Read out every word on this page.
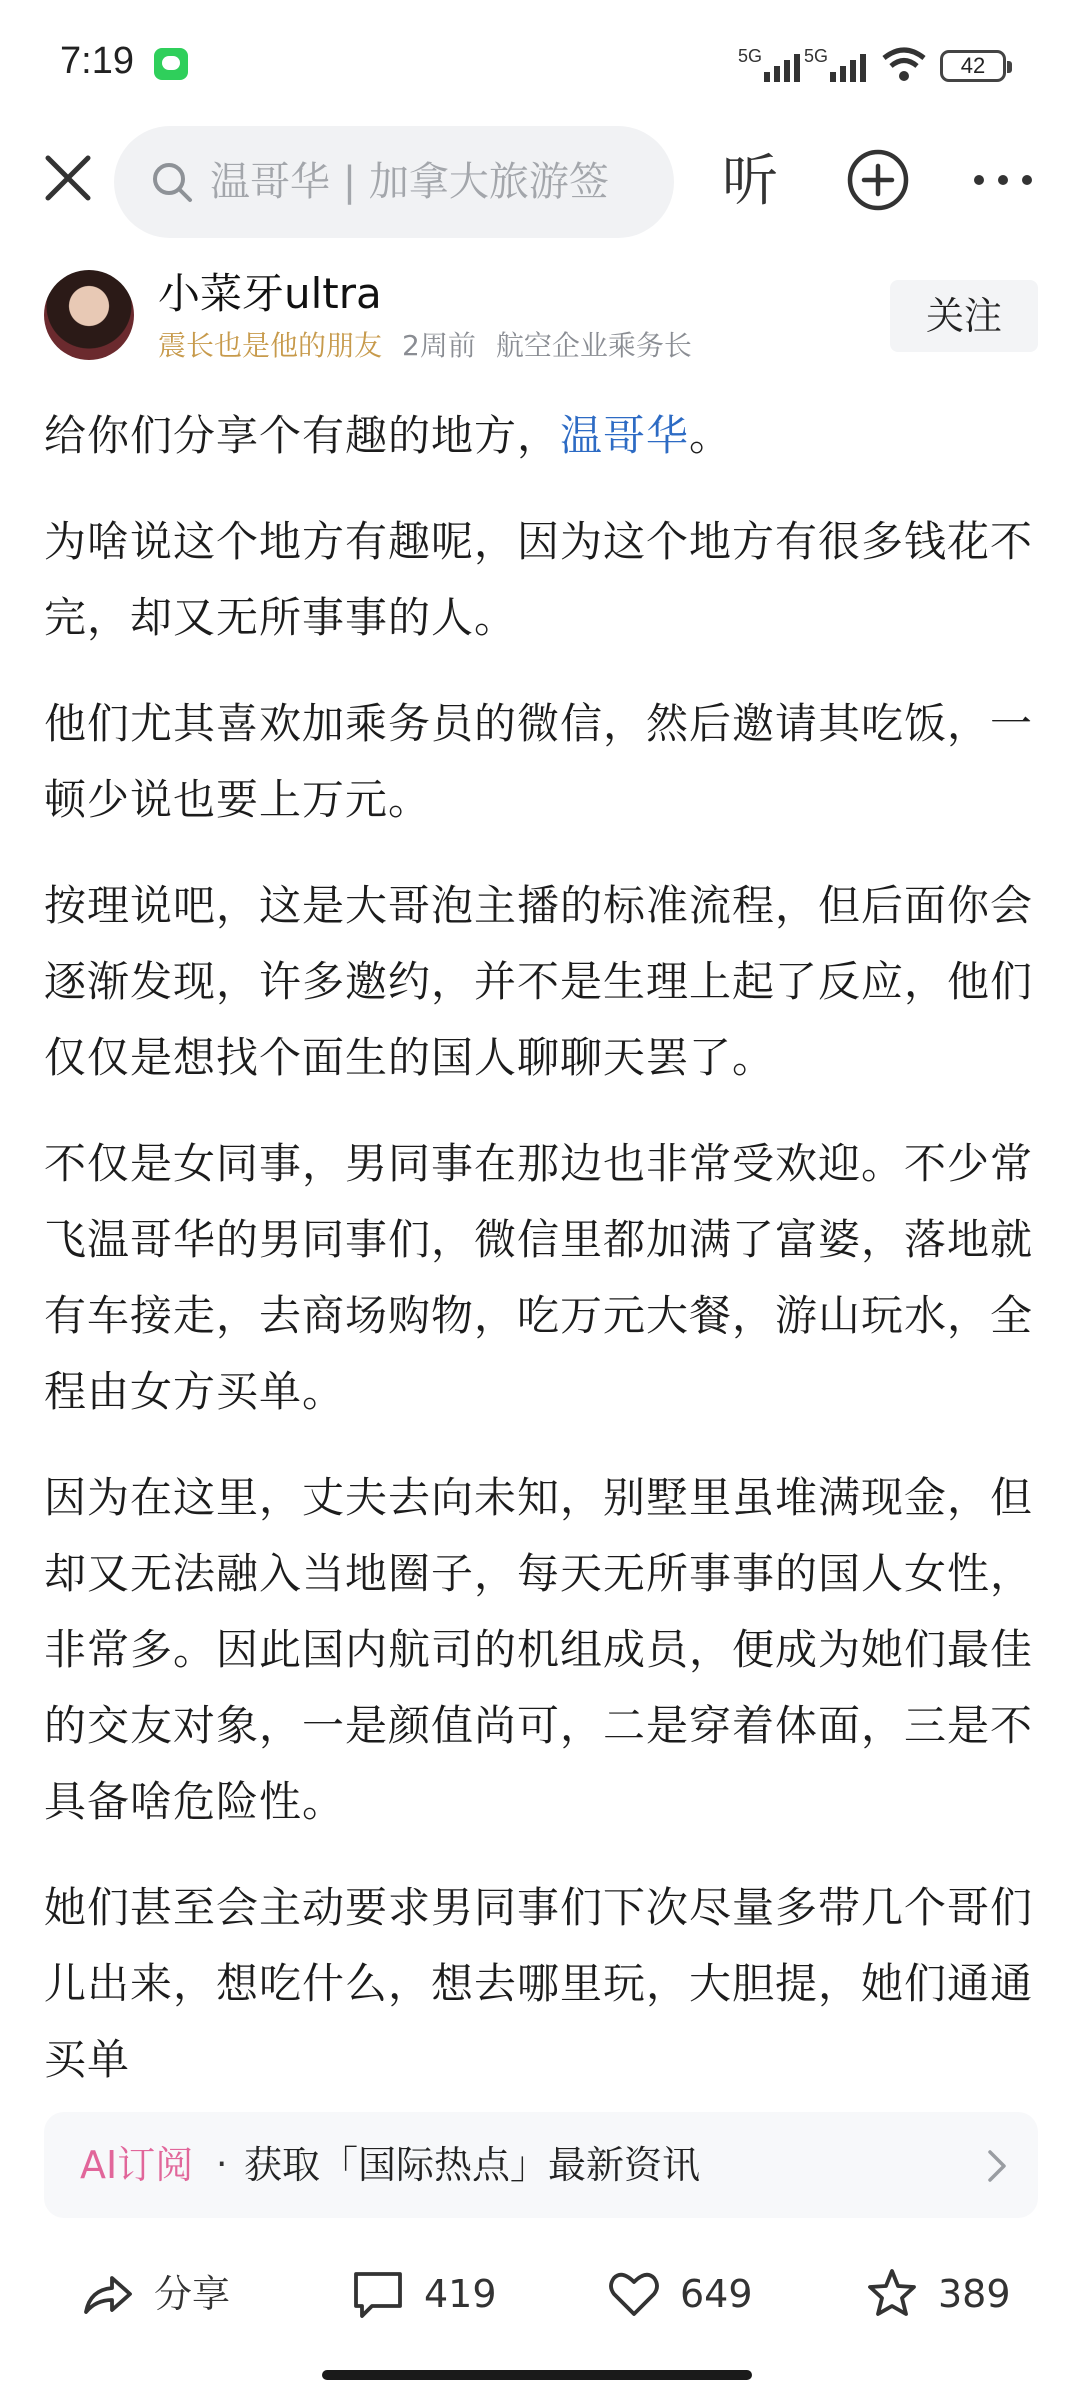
7:19	5G 5G	42
温哥华 | 加拿大旅游签	听
小菜牙ultra
震长也是他的朋友 2周前 航空企业乘务长
关注

给你们分享个有趣的地方，温哥华。

为啥说这个地方有趣呢，因为这个地方有很多钱花不完，却又无所事事的人。

他们尤其喜欢加乘务员的微信，然后邀请其吃饭，一顿少说也要上万元。

按理说吧，这是大哥泡主播的标准流程，但后面你会逐渐发现，许多邀约，并不是生理上起了反应，他们仅仅是想找个面生的国人聊聊天罢了。

不仅是女同事，男同事在那边也非常受欢迎。不少常飞温哥华的男同事们，微信里都加满了富婆，落地就有车接走，去商场购物，吃万元大餐，游山玩水，全程由女方买单。

因为在这里，丈夫去向未知，别墅里虽堆满现金，但却又无法融入当地圈子，每天无所事事的国人女性，非常多。因此国内航司的机组成员，便成为她们最佳的交友对象，一是颜值尚可，二是穿着体面，三是不具备啥危险性。

她们甚至会主动要求男同事们下次尽量多带几个哥们儿出来，想吃什么，想去哪里玩，大胆提，她们通通买单

AI订阅 · 获取「国际热点」最新资讯
分享	419	649	389
